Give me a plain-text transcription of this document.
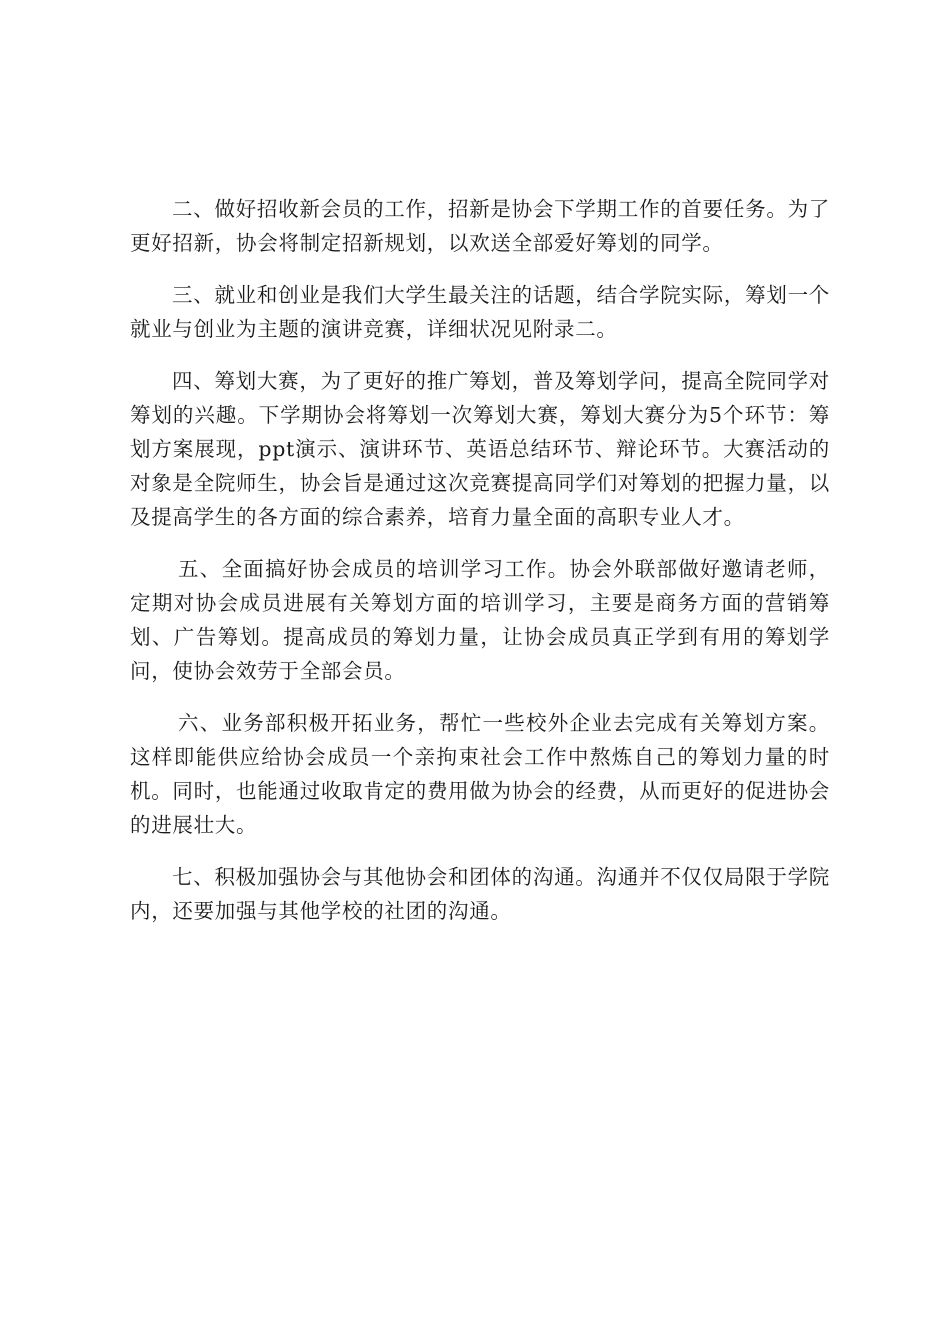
二、做好招收新会员的工作，招新是协会下学期工作的首要任务。为了更好招新，协会将制定招新规划，以欢送全部爱好筹划的同学。

三、就业和创业是我们大学生最关注的话题，结合学院实际，筹划一个就业与创业为主题的演讲竞赛，详细状况见附录二。

四、筹划大赛，为了更好的推广筹划，普及筹划学问，提高全院同学对筹划的兴趣。下学期协会将筹划一次筹划大赛，筹划大赛分为5个环节：筹划方案展现，ppt演示、演讲环节、英语总结环节、辩论环节。大赛活动的对象是全院师生，协会旨是通过这次竞赛提高同学们对筹划的把握力量，以及提高学生的各方面的综合素养，培育力量全面的高职专业人才。

五、全面搞好协会成员的培训学习工作。协会外联部做好邀请老师，定期对协会成员进展有关筹划方面的培训学习，主要是商务方面的营销筹划、广告筹划。提高成员的筹划力量，让协会成员真正学到有用的筹划学问，使协会效劳于全部会员。

六、业务部积极开拓业务，帮忙一些校外企业去完成有关筹划方案。这样即能供应给协会成员一个亲拘束社会工作中熬炼自己的筹划力量的时机。同时，也能通过收取肯定的费用做为协会的经费，从而更好的促进协会的进展壮大。

七、积极加强协会与其他协会和团体的沟通。沟通并不仅仅局限于学院内，还要加强与其他学校的社团的沟通。
